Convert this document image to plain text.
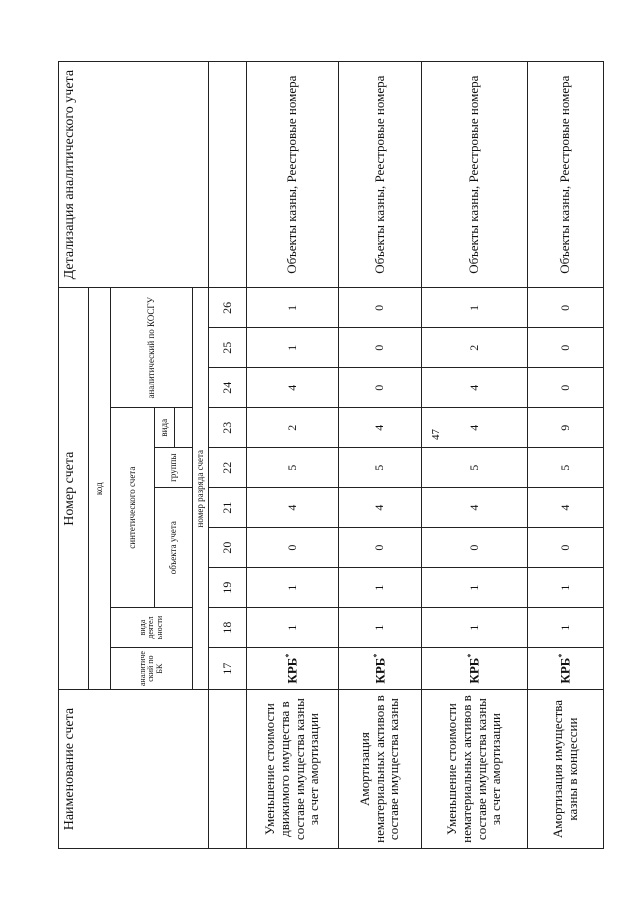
47
Наименование счета	Номер счета										Детализация аналитического учета
	код										
	аналитиче ский по БК	вида деятел ьности	синтетического счета					аналитический по КОСГУ			
			объекта учета			группы	вида				

	номер разряда счета										
	17	18	19	20	21	22	23	24	25	26	
Уменьшение стоимости движимого имущества в составе имущества казны за счет амортизации	КРБ*	1	1	0	4	5	2	4	1	1	Объекты казны, Реестровые номера
Амортизация нематериальных активов в составе имущества казны	КРБ*	1	1	0	4	5	4	0	0	0	Объекты казны, Реестровые номера
Уменьшение стоимости нематериальных активов в составе имущества казны за счет амортизации	КРБ*	1	1	0	4	5	4	4	2	1	Объекты казны, Реестровые номера
Амортизация имущества казны в концессии	КРБ*	1	1	0	4	5	9	0	0	0	Объекты казны, Реестровые номера
